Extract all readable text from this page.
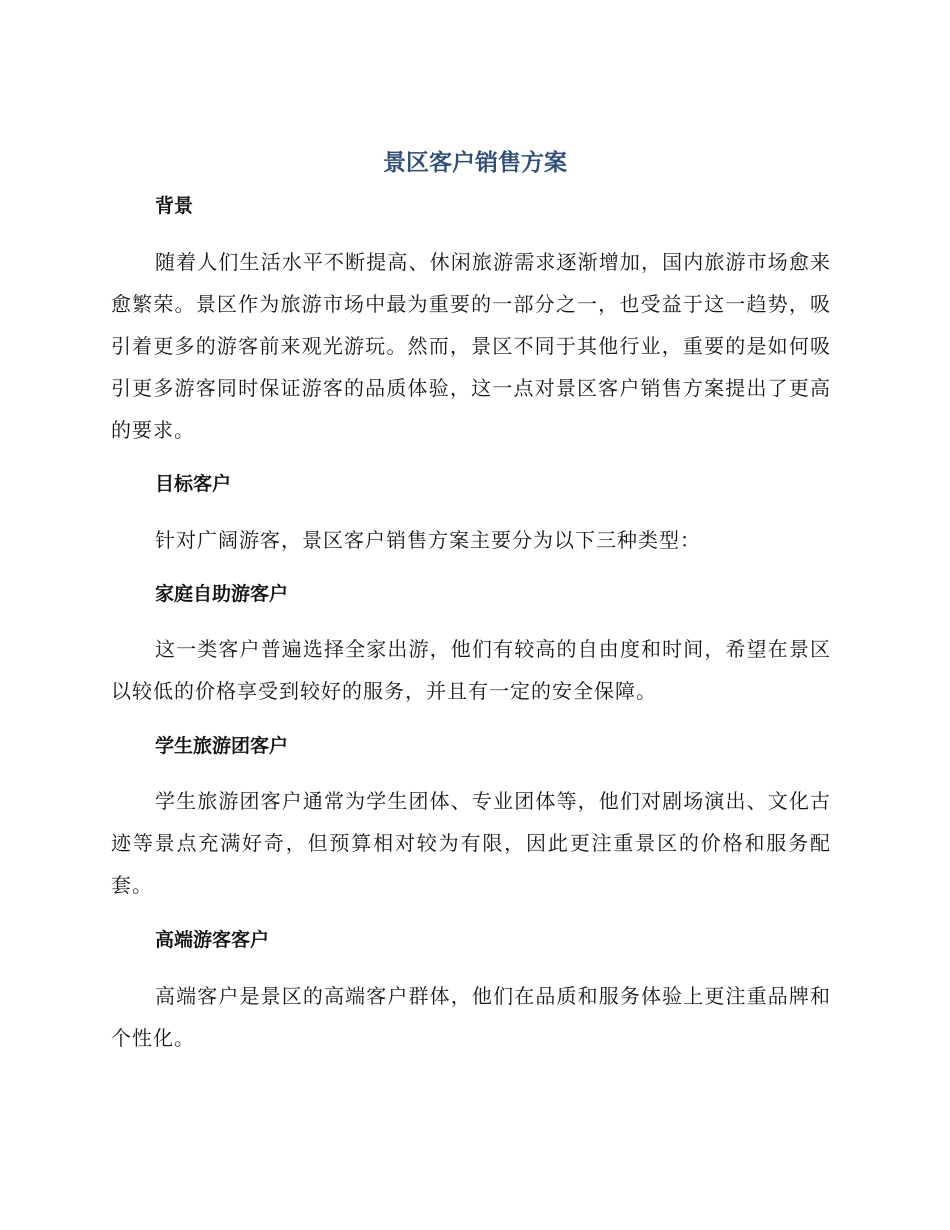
景区客户销售方案
背景

随着人们生活水平不断提高、休闲旅游需求逐渐增加，国内旅游市场愈来愈繁荣。景区作为旅游市场中最为重要的一部分之一，也受益于这一趋势，吸引着更多的游客前来观光游玩。然而，景区不同于其他行业，重要的是如何吸引更多游客同时保证游客的品质体验，这一点对景区客户销售方案提出了更高的要求。

目标客户

针对广阔游客，景区客户销售方案主要分为以下三种类型：

家庭自助游客户

这一类客户普遍选择全家出游，他们有较高的自由度和时间，希望在景区以较低的价格享受到较好的服务，并且有一定的安全保障。

学生旅游团客户

学生旅游团客户通常为学生团体、专业团体等，他们对剧场演出、文化古迹等景点充满好奇，但预算相对较为有限，因此更注重景区的价格和服务配套。

高端游客客户

高端客户是景区的高端客户群体，他们在品质和服务体验上更注重品牌和个性化。
